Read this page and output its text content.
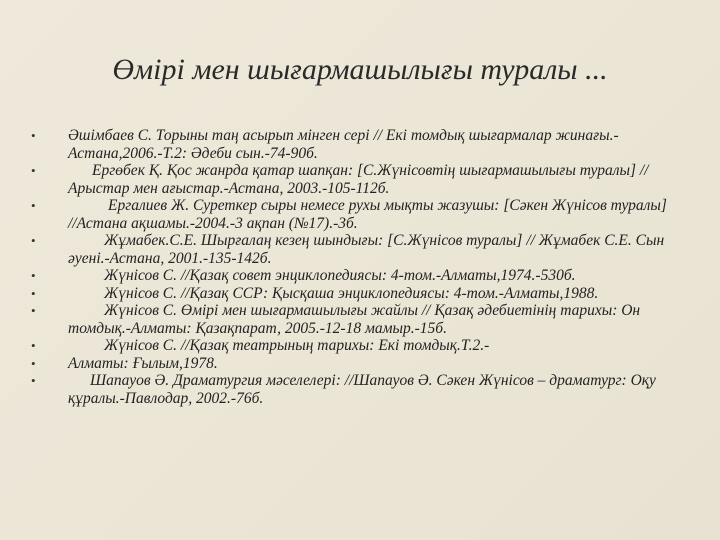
Өмірі мен шығармашылығы туралы ...
• Әшімбаев С. Торыны таң асырып мінген сері // Екі томдық шығармалар жинағы.-Астана,2006.-Т.2: Әдеби сын.-74-90б.
•	Ергөбек Қ. Қос жанрда қатар шапқан: [С.Жүнісовтің шығармашылығы туралы] //Арыстар мен ағыстар.-Астана, 2003.-105-112б.
•	Ергалиев Ж. Суреткер сыры немесе рухы мықты жазушы: [Сәкен Жүнісов туралы] //Астана ақшамы.-2004.-3 ақпан (№17).-3б.
•	Жұмабек.С.Е. Шырғалаң кезең шындығы: [С.Жүнісов туралы] // Жұмабек С.Е. Сын әуені.-Астана, 2001.-135-142б.
•	Жүнісов С. //Қазақ совет энциклопедиясы: 4-том.-Алматы,1974.-530б.
•	Жүнісов С. //Қазақ ССР: Қысқаша энциклопедиясы: 4-том.-Алматы,1988.
•	Жүнісов С. Өмірі мен шығармашылығы жайлы // Қазақ әдебиетінің тарихы: Он томдық.-Алматы: Қазақпарат, 2005.-12-18 мамыр.-15б.
•	Жүнісов С. //Қазақ театрының тарихы: Екі томдық.Т.2.-
• Алматы: Ғылым,1978.
•	Шапауов Ә. Драматургия мәселелері: //Шапауов Ә. Сәкен Жүнісов – драматург: Оқу құралы.-Павлодар, 2002.-76б.
